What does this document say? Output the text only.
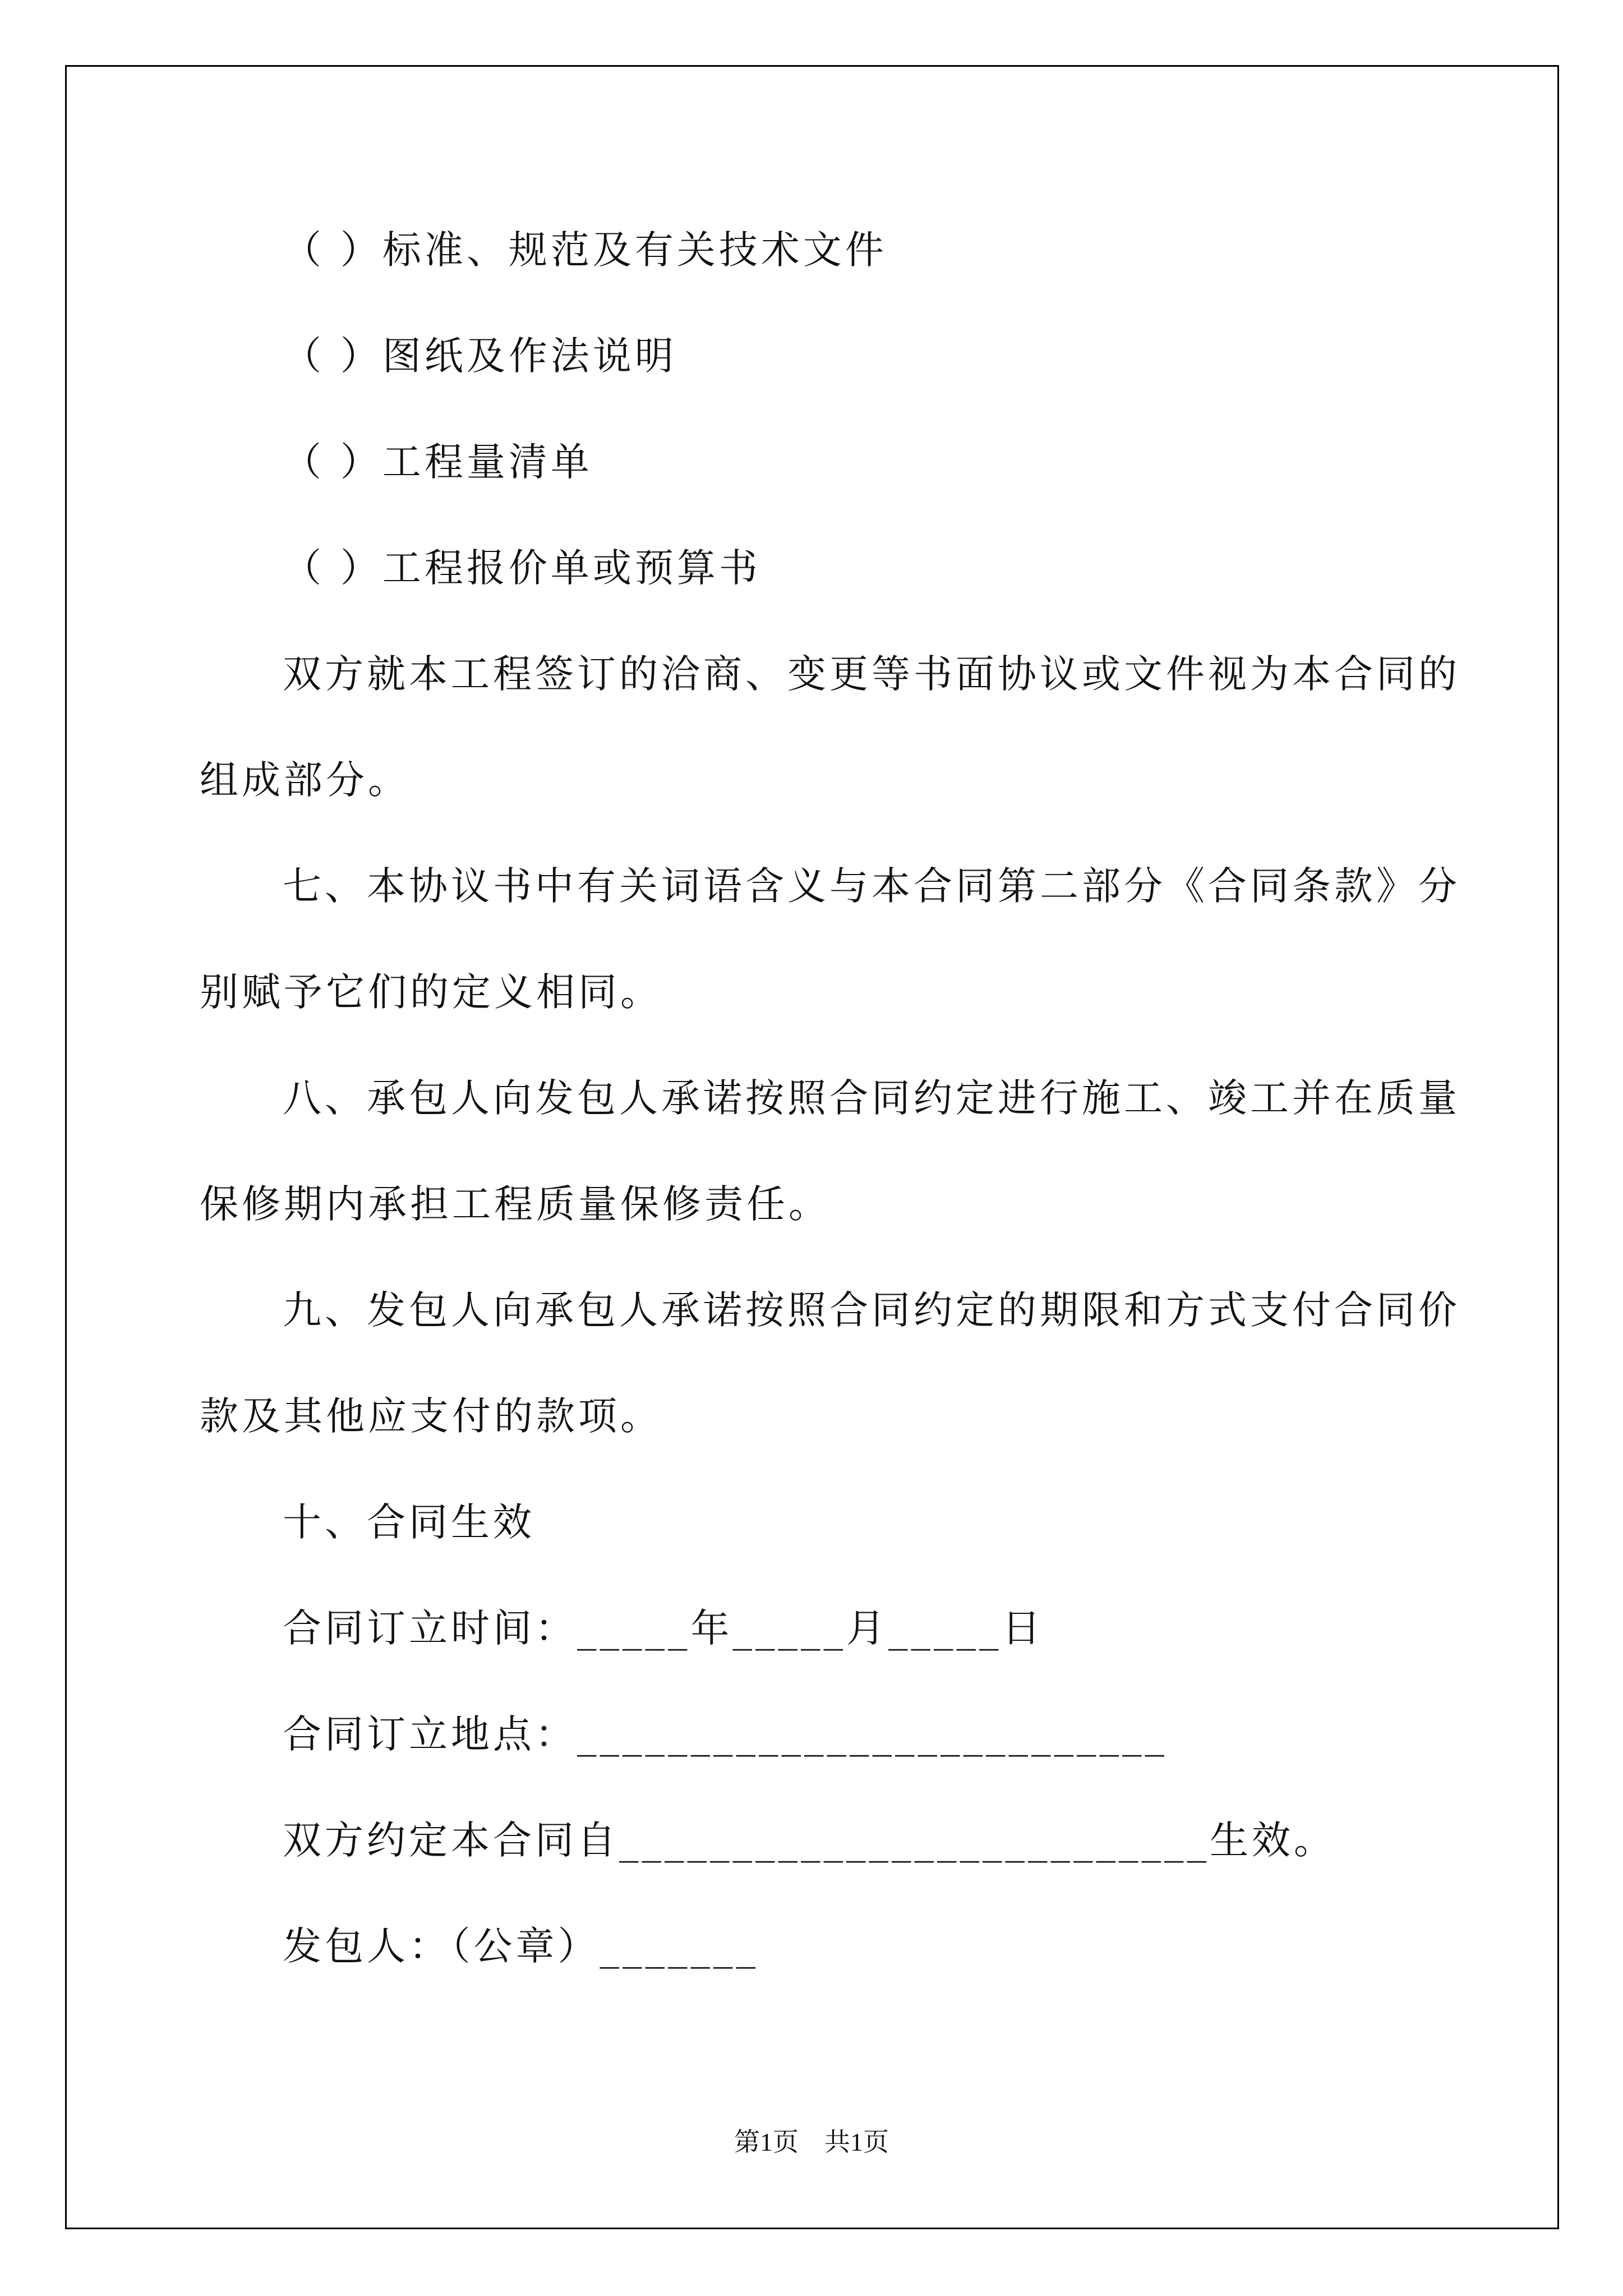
（ ）标准、规范及有关技术文件
（ ）图纸及作法说明
（ ）工程量清单
（ ）工程报价单或预算书
双方就本工程签订的洽商、变更等书面协议或文件视为本合同的
组成部分。
七、本协议书中有关词语含义与本合同第二部分《合同条款》分
别赋予它们的定义相同。
八、承包人向发包人承诺按照合同约定进行施工、竣工并在质量
保修期内承担工程质量保修责任。
九、发包人向承包人承诺按照合同约定的期限和方式支付合同价
款及其他应支付的款项。
十、合同生效
合同订立时间：_____年_____月_____日
合同订立地点：__________________________
双方约定本合同自__________________________生效。
发包人：（公章）_______
第1页　共1页
